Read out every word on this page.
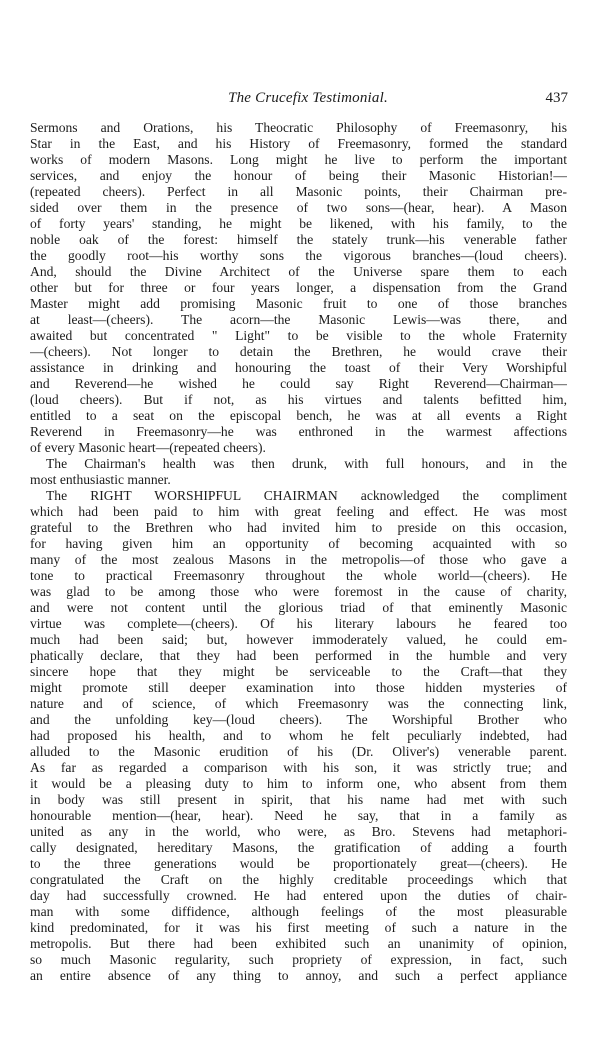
The Crucefix Testimonial.	437
Sermons and Orations, his Theocratic Philosophy of Freemasonry, his
Star in the East, and his History of Freemasonry, formed the standard
works of modern Masons. Long might he live to perform the important
services, and enjoy the honour of being their Masonic Historian!—
(repeated cheers). Perfect in all Masonic points, their Chairman pre-
sided over them in the presence of two sons—(hear, hear). A Mason
of forty years' standing, he might be likened, with his family, to the
noble oak of the forest: himself the stately trunk—his venerable father
the goodly root—his worthy sons the vigorous branches—(loud cheers).
And, should the Divine Architect of the Universe spare them to each
other but for three or four years longer, a dispensation from the Grand
Master might add promising Masonic fruit to one of those branches
at least—(cheers). The acorn—the Masonic Lewis—was there, and
awaited but concentrated " Light" to be visible to the whole Fraternity
—(cheers). Not longer to detain the Brethren, he would crave their
assistance in drinking and honouring the toast of their Very Worshipful
and Reverend—he wished he could say Right Reverend—Chairman—
(loud cheers). But if not, as his virtues and talents befitted him,
entitled to a seat on the episcopal bench, he was at all events a Right
Reverend in Freemasonry—he was enthroned in the warmest affections
of every Masonic heart—(repeated cheers).
The Chairman's health was then drunk, with full honours, and in the
most enthusiastic manner.
The RIGHT WORSHIPFUL CHAIRMAN acknowledged the compliment
which had been paid to him with great feeling and effect. He was most
grateful to the Brethren who had invited him to preside on this occasion,
for having given him an opportunity of becoming acquainted with so
many of the most zealous Masons in the metropolis—of those who gave a
tone to practical Freemasonry throughout the whole world—(cheers). He
was glad to be among those who were foremost in the cause of charity,
and were not content until the glorious triad of that eminently Masonic
virtue was complete—(cheers). Of his literary labours he feared too
much had been said; but, however immoderately valued, he could em-
phatically declare, that they had been performed in the humble and very
sincere hope that they might be serviceable to the Craft—that they
might promote still deeper examination into those hidden mysteries of
nature and of science, of which Freemasonry was the connecting link,
and the unfolding key—(loud cheers). The Worshipful Brother who
had proposed his health, and to whom he felt peculiarly indebted, had
alluded to the Masonic erudition of his (Dr. Oliver's) venerable parent.
As far as regarded a comparison with his son, it was strictly true; and
it would be a pleasing duty to him to inform one, who absent from them
in body was still present in spirit, that his name had met with such
honourable mention—(hear, hear). Need he say, that in a family as
united as any in the world, who were, as Bro. Stevens had metaphori-
cally designated, hereditary Masons, the gratification of adding a fourth
to the three generations would be proportionately great—(cheers). He
congratulated the Craft on the highly creditable proceedings which that
day had successfully crowned. He had entered upon the duties of chair-
man with some diffidence, although feelings of the most pleasurable
kind predominated, for it was his first meeting of such a nature in the
metropolis. But there had been exhibited such an unanimity of opinion,
so much Masonic regularity, such propriety of expression, in fact, such
an entire absence of any thing to annoy, and such a perfect appliance
